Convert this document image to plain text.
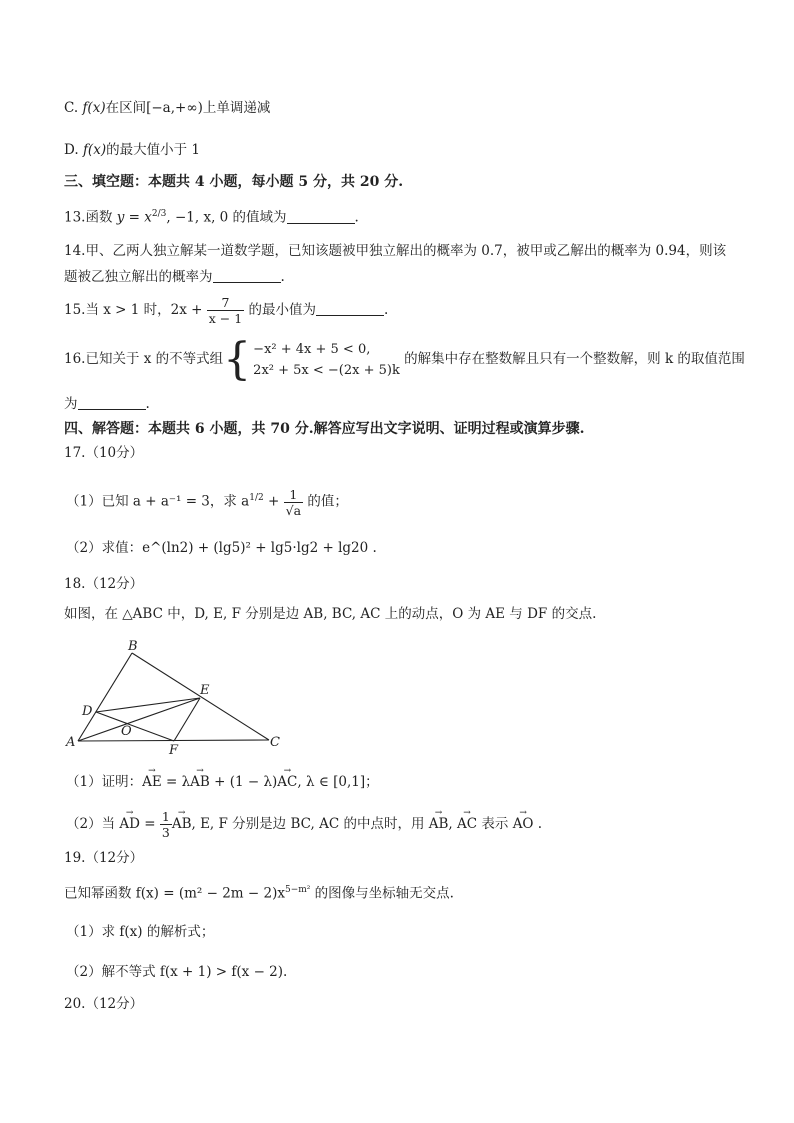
C. f(x)在区间[−a,+∞)上单调递减
D. f(x)的最大值小于 1
三、填空题：本题共 4 小题，每小题 5 分，共 20 分.
13.函数 $y = x^{2/3}$, −1, x, 0 的值域为	.
14.甲、乙两人独立解某一道数学题，已知该题被甲独立解出的概率为 0.7，被甲或乙解出的概率为 0.94，则该题被乙独立解出的概率为	.
15.当 x > 1 时，$2x + \frac{7}{x - 1}$ 的最小值为	.
16.已知关于 x 的不等式组{ −x² + 4x + 5 < 0,
2x² + 5x < −(2x + 5)k
的解集中存在整数解且只有一个整数解，则 k 的取值范围
为	.
四、解答题：本题共 6 小题，共 70 分.解答应写出文字说明、证明过程或演算步骤.
17.（10分）
（1）已知 a + a⁻¹ = 3，求 $a^{1/2} + \frac{1}{√a}$ 的值；
（2）求值：e^(ln2) + (lg5)² + lg5·lg2 + lg20 .
18.（12分）
如图，在 △ABC 中，D, E, F 分别是边 AB, BC, AC 上的动点，O 为 AE 与 DF 的交点.
B
E
D
O
A
F
C
（1）证明：→ AE = λ→ AB + (1 − λ)→ AC, λ ∈ [0,1]；
（2）当 → AD = $\frac{1}{3}$
→ AB, E, F 分别是边 BC, AC 的中点时，用 → AB, → AC 表示 → AO .
19.（12分）
已知幂函数 $f(x) = (m^2 - 2m - 2)x^{5-m^2}$ 的图像与坐标轴无交点.
（1）求 f(x) 的解析式；
（2）解不等式 f(x + 1) > f(x − 2).
20.（12分）
